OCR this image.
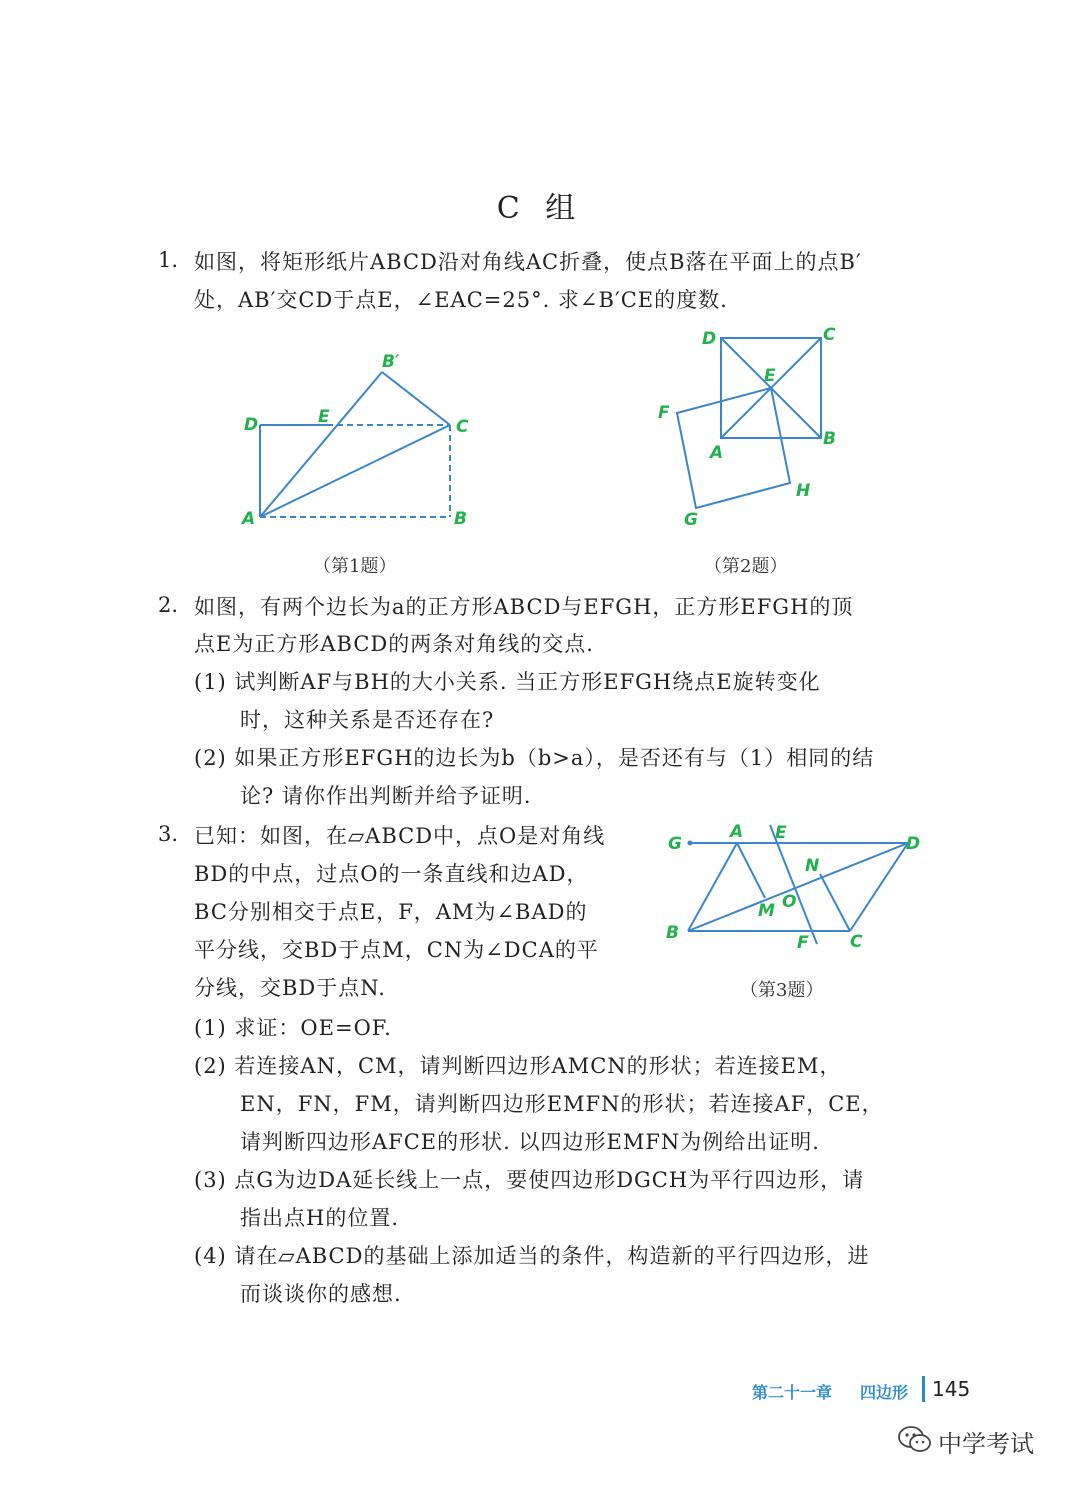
C 组
1. 如图，将矩形纸片ABCD沿对角线AC折叠，使点B落在平面上的点B′
处，AB′交CD于点E，∠EAC=25°. 求∠B′CE的度数.
D	E
B′
C
A	B
（第1题）
D	C
E
F
B
A
H
G
（第2题）
2. 如图，有两个边长为a的正方形ABCD与EFGH，正方形EFGH的顶
点E为正方形ABCD的两条对角线的交点.
(1) 试判断AF与BH的大小关系. 当正方形EFGH绕点E旋转变化
时，这种关系是否还存在?
(2) 如果正方形EFGH的边长为b（b>a），是否还有与（1）相同的结
论? 请你作出判断并给予证明.
3. 已知：如图，在▱ABCD中，点O是对角线
BD的中点，过点O的一条直线和边AD，
BC分别相交于点E，F，AM为∠BAD的
平分线，交BD于点M，CN为∠DCA的平
分线，交BD于点N.
G
A E
D
N
O
M
B	F C
（第3题）
(1) 求证：OE=OF.
(2) 若连接AN，CM，请判断四边形AMCN的形状；若连接EM，
EN，FN，FM，请判断四边形EMFN的形状；若连接AF，CE，
请判断四边形AFCE的形状. 以四边形EMFN为例给出证明.
(3) 点G为边DA延长线上一点，要使四边形DGCH为平行四边形，请
指出点H的位置.
(4) 请在▱ABCD的基础上添加适当的条件，构造新的平行四边形，进
而谈谈你的感想.
第二十一章 四边形 145
中学考试
